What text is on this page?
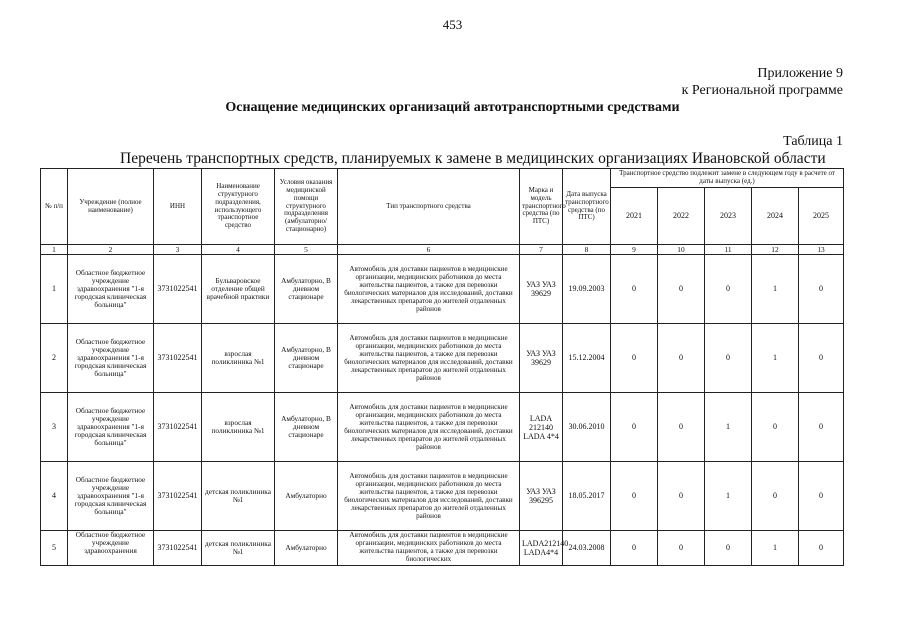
453
Приложение 9
к Региональной программе
Оснащение медицинских организаций автотранспортными средствами
Таблица 1
Перечень транспортных средств, планируемых к замене в медицинских организациях Ивановской области
№ п/п	Учреждение (полное наименование)	ИНН	Наименование структурного подразделения, использующего транспортное средство	Условия оказания медицинской помощи структурного подразделения (амбулаторно/ стационарно)	Тип транспортного средства	Марка и модель транспортного средства (по ПТС)	Дата выпуска транспортного средства (по ПТС)	Транспортное средство подлежит замене в следующем году в расчете от даты выпуска (ед.)				
								2021	2022	2023	2024	2025
1	2	3	4	5	6	7	8	9	10	11	12	13
1	Областное бюджетное учреждение здравоохранения "1-я городская клиническая больница"	3731022541	Бульваровское отделение общей врачебной практики	Амбулаторно, В дневном стационаре	Автомобиль для доставки пациентов в медицинские организации, медицинских работников до места жительства пациентов, а также для перевозки биологических материалов для исследований, доставки лекарственных препаратов до жителей отдаленных районов	УАЗ УАЗ 39629	19.09.2003	0	0	0	1	0
2	Областное бюджетное учреждение здравоохранения "1-я городская клиническая больница"	3731022541	взрослая поликлиника №1	Амбулаторно, В дневном стационаре	Автомобиль для доставки пациентов в медицинские организации, медицинских работников до места жительства пациентов, а также для перевозки биологических материалов для исследований, доставки лекарственных препаратов до жителей отдаленных районов	УАЗ УАЗ 39629	15.12.2004	0	0	0	1	0
3	Областное бюджетное учреждение здравоохранения "1-я городская клиническая больница"	3731022541	взрослая поликлиника №1	Амбулаторно, В дневном стационаре	Автомобиль для доставки пациентов в медицинские организации, медицинских работников до места жительства пациентов, а также для перевозки биологических материалов для исследований, доставки лекарственных препаратов до жителей отдаленных районов	LADA 212140 LADA 4*4	30.06.2010	0	0	1	0	0
4	Областное бюджетное учреждение здравоохранения "1-я городская клиническая больница"	3731022541	детская поликлиника №1	Амбулаторно	Автомобиль для доставки пациентов в медицинские организации, медицинских работников до места жительства пациентов, а также для перевозки биологических материалов для исследований, доставки лекарственных препаратов до жителей отдаленных районов	УАЗ УАЗ 396295	18.05.2017	0	0	1	0	0
5	Областное бюджетное учреждение здравоохранения	3731022541	детская поликлиника №1	Амбулаторно	Автомобиль для доставки пациентов в медицинские организации, медицинских работников до места жительства пациентов, а также для перевозки биологических	LADA212140 LADA4*4	24.03.2008	0	0	0	1	0
